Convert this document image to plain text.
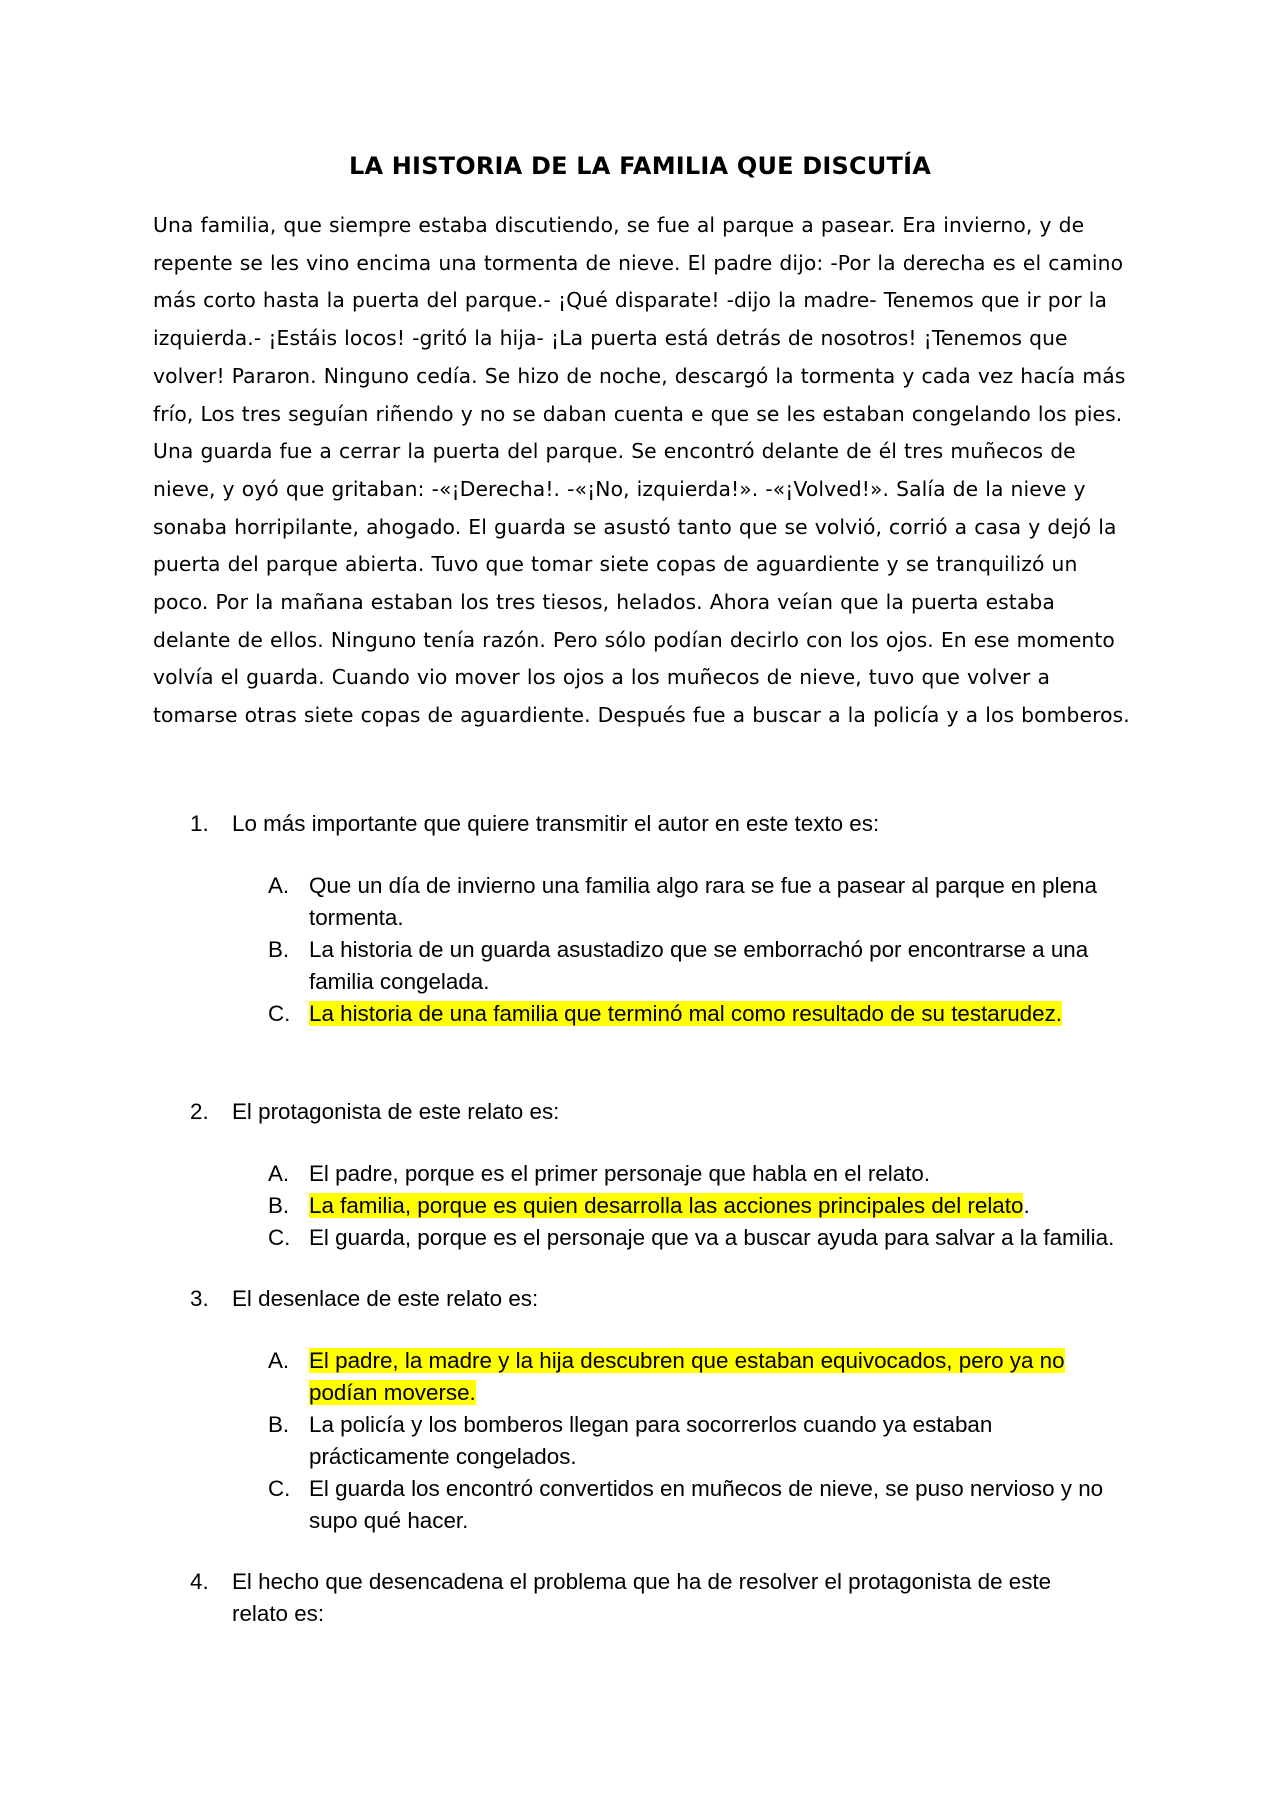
LA HISTORIA DE LA FAMILIA QUE DISCUTÍA

Una familia, que siempre estaba discutiendo, se fue al parque a pasear. Era invierno, y de repente se les vino encima una tormenta de nieve. El padre dijo: -Por la derecha es el camino más corto hasta la puerta del parque.- ¡Qué disparate! -dijo la madre- Tenemos que ir por la izquierda.- ¡Estáis locos! -gritó la hija- ¡La puerta está detrás de nosotros! ¡Tenemos que volver! Pararon. Ninguno cedía. Se hizo de noche, descargó la tormenta y cada vez hacía más frío, Los tres seguían riñendo y no se daban cuenta e que se les estaban congelando los pies. Una guarda fue a cerrar la puerta del parque. Se encontró delante de él tres muñecos de nieve, y oyó que gritaban: -«¡Derecha!. -«¡No, izquierda!». -«¡Volved!». Salía de la nieve y sonaba horripilante, ahogado. El guarda se asustó tanto que se volvió, corrió a casa y dejó la puerta del parque abierta. Tuvo que tomar siete copas de aguardiente y se tranquilizó un poco. Por la mañana estaban los tres tiesos, helados. Ahora veían que la puerta estaba delante de ellos. Ninguno tenía razón. Pero sólo podían decirlo con los ojos. En ese momento volvía el guarda. Cuando vio mover los ojos a los muñecos de nieve, tuvo que volver a tomarse otras siete copas de aguardiente. Después fue a buscar a la policía y a los bomberos.

1. Lo más importante que quiere transmitir el autor en este texto es:
A. Que un día de invierno una familia algo rara se fue a pasear al parque en plena tormenta.
B. La historia de un guarda asustadizo que se emborrachó por encontrarse a una familia congelada.
C. La historia de una familia que terminó mal como resultado de su testarudez.
2. El protagonista de este relato es:
A. El padre, porque es el primer personaje que habla en el relato.
B. La familia, porque es quien desarrolla las acciones principales del relato.
C. El guarda, porque es el personaje que va a buscar ayuda para salvar a la familia.
3. El desenlace de este relato es:
A. El padre, la madre y la hija descubren que estaban equivocados, pero ya no podían moverse.
B. La policía y los bomberos llegan para socorrerlos cuando ya estaban prácticamente congelados.
C. El guarda los encontró convertidos en muñecos de nieve, se puso nervioso y no supo qué hacer.
4. El hecho que desencadena el problema que ha de resolver el protagonista de este relato es:
